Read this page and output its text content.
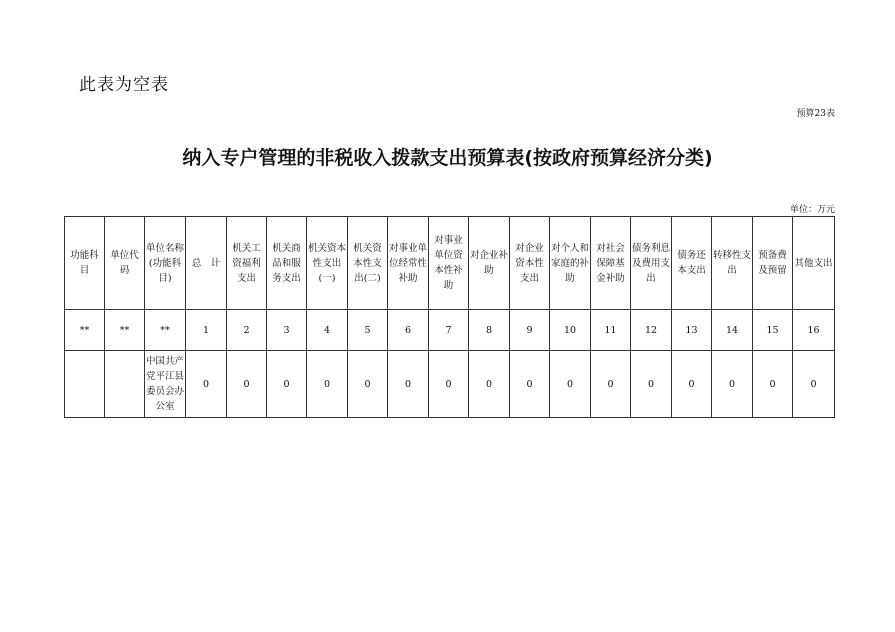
此表为空表
预算23表
纳入专户管理的非税收入拨款支出预算表(按政府预算经济分类)
单位：万元
功能科目	单位代码	单位名称(功能科目)	总　计	机关工资福利支出	机关商品和服务支出	机关资本性支出(一)	机关资本性支出(二)	对事业单位经常性补助	对事业单位资本性补助	对企业补助	对企业资本性支出	对个人和家庭的补助	对社会保障基金补助	债务利息及费用支出	债务还本支出	转移性支出	预备费及预留	其他支出
**	**	**	1	2	3	4	5	6	7	8	9	10	11	12	13	14	15	16
		中国共产党平江县委员会办公室	0	0	0	0	0	0	0	0	0	0	0	0	0	0	0	0
